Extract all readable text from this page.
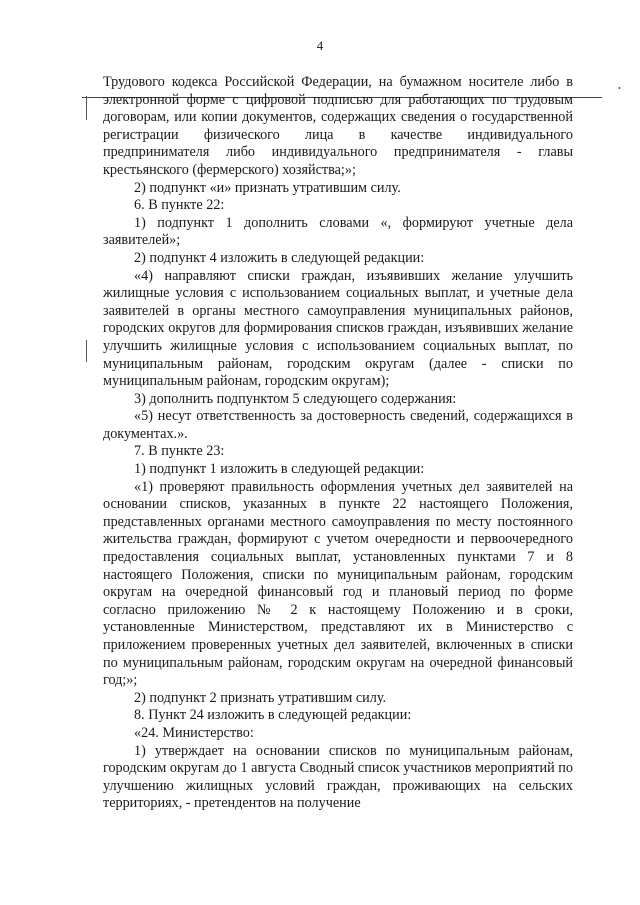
4
•

Трудового кодекса Российской Федерации, на бумажном носителе либо в электронной форме с цифровой подписью для работающих по трудовым договорам, или копии документов, содержащих сведения о государственной регистрации физического лица в качестве индивидуального предпринимателя либо индивидуального предпринимателя - главы крестьянского (фермерского) хозяйства;»;

2) подпункт «и» признать утратившим силу.

6. В пункте 22:

1) подпункт 1 дополнить словами «, формируют учетные дела заявителей»;

2) подпункт 4 изложить в следующей редакции:

«4) направляют списки граждан, изъявивших желание улучшить жилищные условия с использованием социальных выплат, и учетные дела заявителей в органы местного самоуправления муниципальных районов, городских округов для формирования списков граждан, изъявивших желание улучшить жилищные условия с использованием социальных выплат, по муниципальным районам, городским округам (далее - списки по муниципальным районам, городским округам);

3) дополнить подпунктом 5 следующего содержания:

«5) несут ответственность за достоверность сведений, содержащихся в документах.».

7. В пункте 23:

1) подпункт 1 изложить в следующей редакции:

«1) проверяют правильность оформления учетных дел заявителей на основании списков, указанных в пункте 22 настоящего Положения, представленных органами местного самоуправления по месту постоянного жительства граждан, формируют с учетом очередности и первоочередного предоставления социальных выплат, установленных пунктами 7 и 8 настоящего Положения, списки по муниципальным районам, городским округам на очередной финансовый год и плановый период по форме согласно приложению № 2 к настоящему Положению и в сроки, установленные Министерством, представляют их в Министерство с приложением проверенных учетных дел заявителей, включенных в списки по муниципальным районам, городским округам на очередной финансовый год;»;

2) подпункт 2 признать утратившим силу.

8. Пункт 24 изложить в следующей редакции:

«24. Министерство:

1) утверждает на основании списков по муниципальным районам, городским округам до 1 августа Сводный список участников мероприятий по улучшению жилищных условий граждан, проживающих на сельских территориях, - претендентов на получение
